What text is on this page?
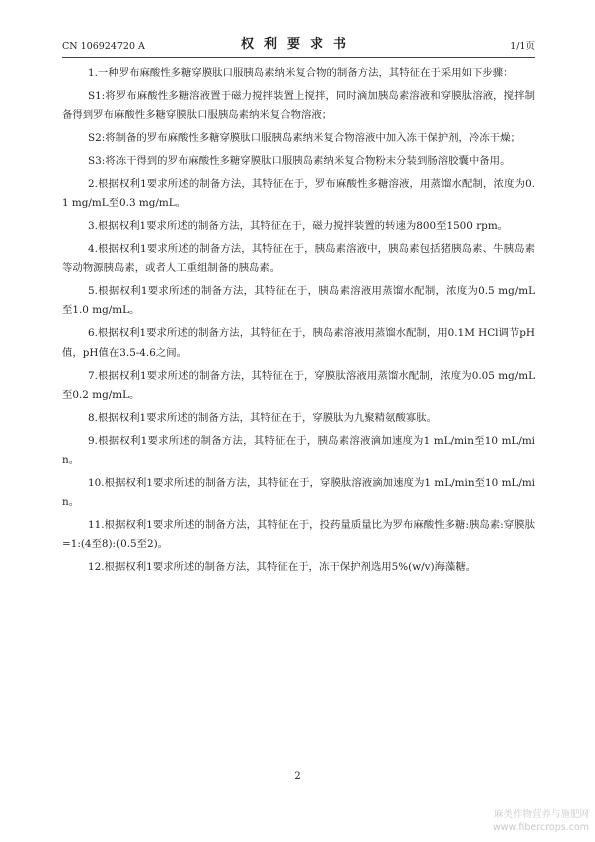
CN 106924720 A	权利要求书	1/1页

1.一种罗布麻酸性多糖穿膜肽口服胰岛素纳米复合物的制备方法，其特征在于采用如下步骤：

S1:将罗布麻酸性多糖溶液置于磁力搅拌装置上搅拌，同时滴加胰岛素溶液和穿膜肽溶液，搅拌制备得到罗布麻酸性多糖穿膜肽口服胰岛素纳米复合物溶液；

S2:将制备的罗布麻酸性多糖穿膜肽口服胰岛素纳米复合物溶液中加入冻干保护剂，冷冻干燥；

S3:将冻干得到的罗布麻酸性多糖穿膜肽口服胰岛素纳米复合物粉末分装到肠溶胶囊中备用。

2.根据权利1要求所述的制备方法，其特征在于，罗布麻酸性多糖溶液，用蒸馏水配制，浓度为0.1 mg/mL至0.3 mg/mL。

3.根据权利1要求所述的制备方法，其特征在于，磁力搅拌装置的转速为800至1500 rpm。

4.根据权利1要求所述的制备方法，其特征在于，胰岛素溶液中，胰岛素包括猪胰岛素、牛胰岛素等动物源胰岛素，或者人工重组制备的胰岛素。

5.根据权利1要求所述的制备方法，其特征在于，胰岛素溶液用蒸馏水配制，浓度为0.5 mg/mL至1.0 mg/mL。

6.根据权利1要求所述的制备方法，其特征在于，胰岛素溶液用蒸馏水配制，用0.1M HCl调节pH值，pH值在3.5-4.6之间。

7.根据权利1要求所述的制备方法，其特征在于，穿膜肽溶液用蒸馏水配制，浓度为0.05 mg/mL至0.2 mg/mL。

8.根据权利1要求所述的制备方法，其特征在于，穿膜肽为九聚精氨酸寡肽。

9.根据权利1要求所述的制备方法，其特征在于，胰岛素溶液滴加速度为1 mL/min至10 mL/min。

10.根据权利1要求所述的制备方法，其特征在于，穿膜肽溶液滴加速度为1 mL/min至10 mL/min。

11.根据权利1要求所述的制备方法，其特征在于，投药量质量比为罗布麻酸性多糖:胰岛素:穿膜肽=1:(4至8):(0.5至2)。

12.根据权利1要求所述的制备方法，其特征在于，冻干保护剂选用5%(w/v)海藻糖。

2
麻类作物营养与施肥网
www.fibercrops.com
